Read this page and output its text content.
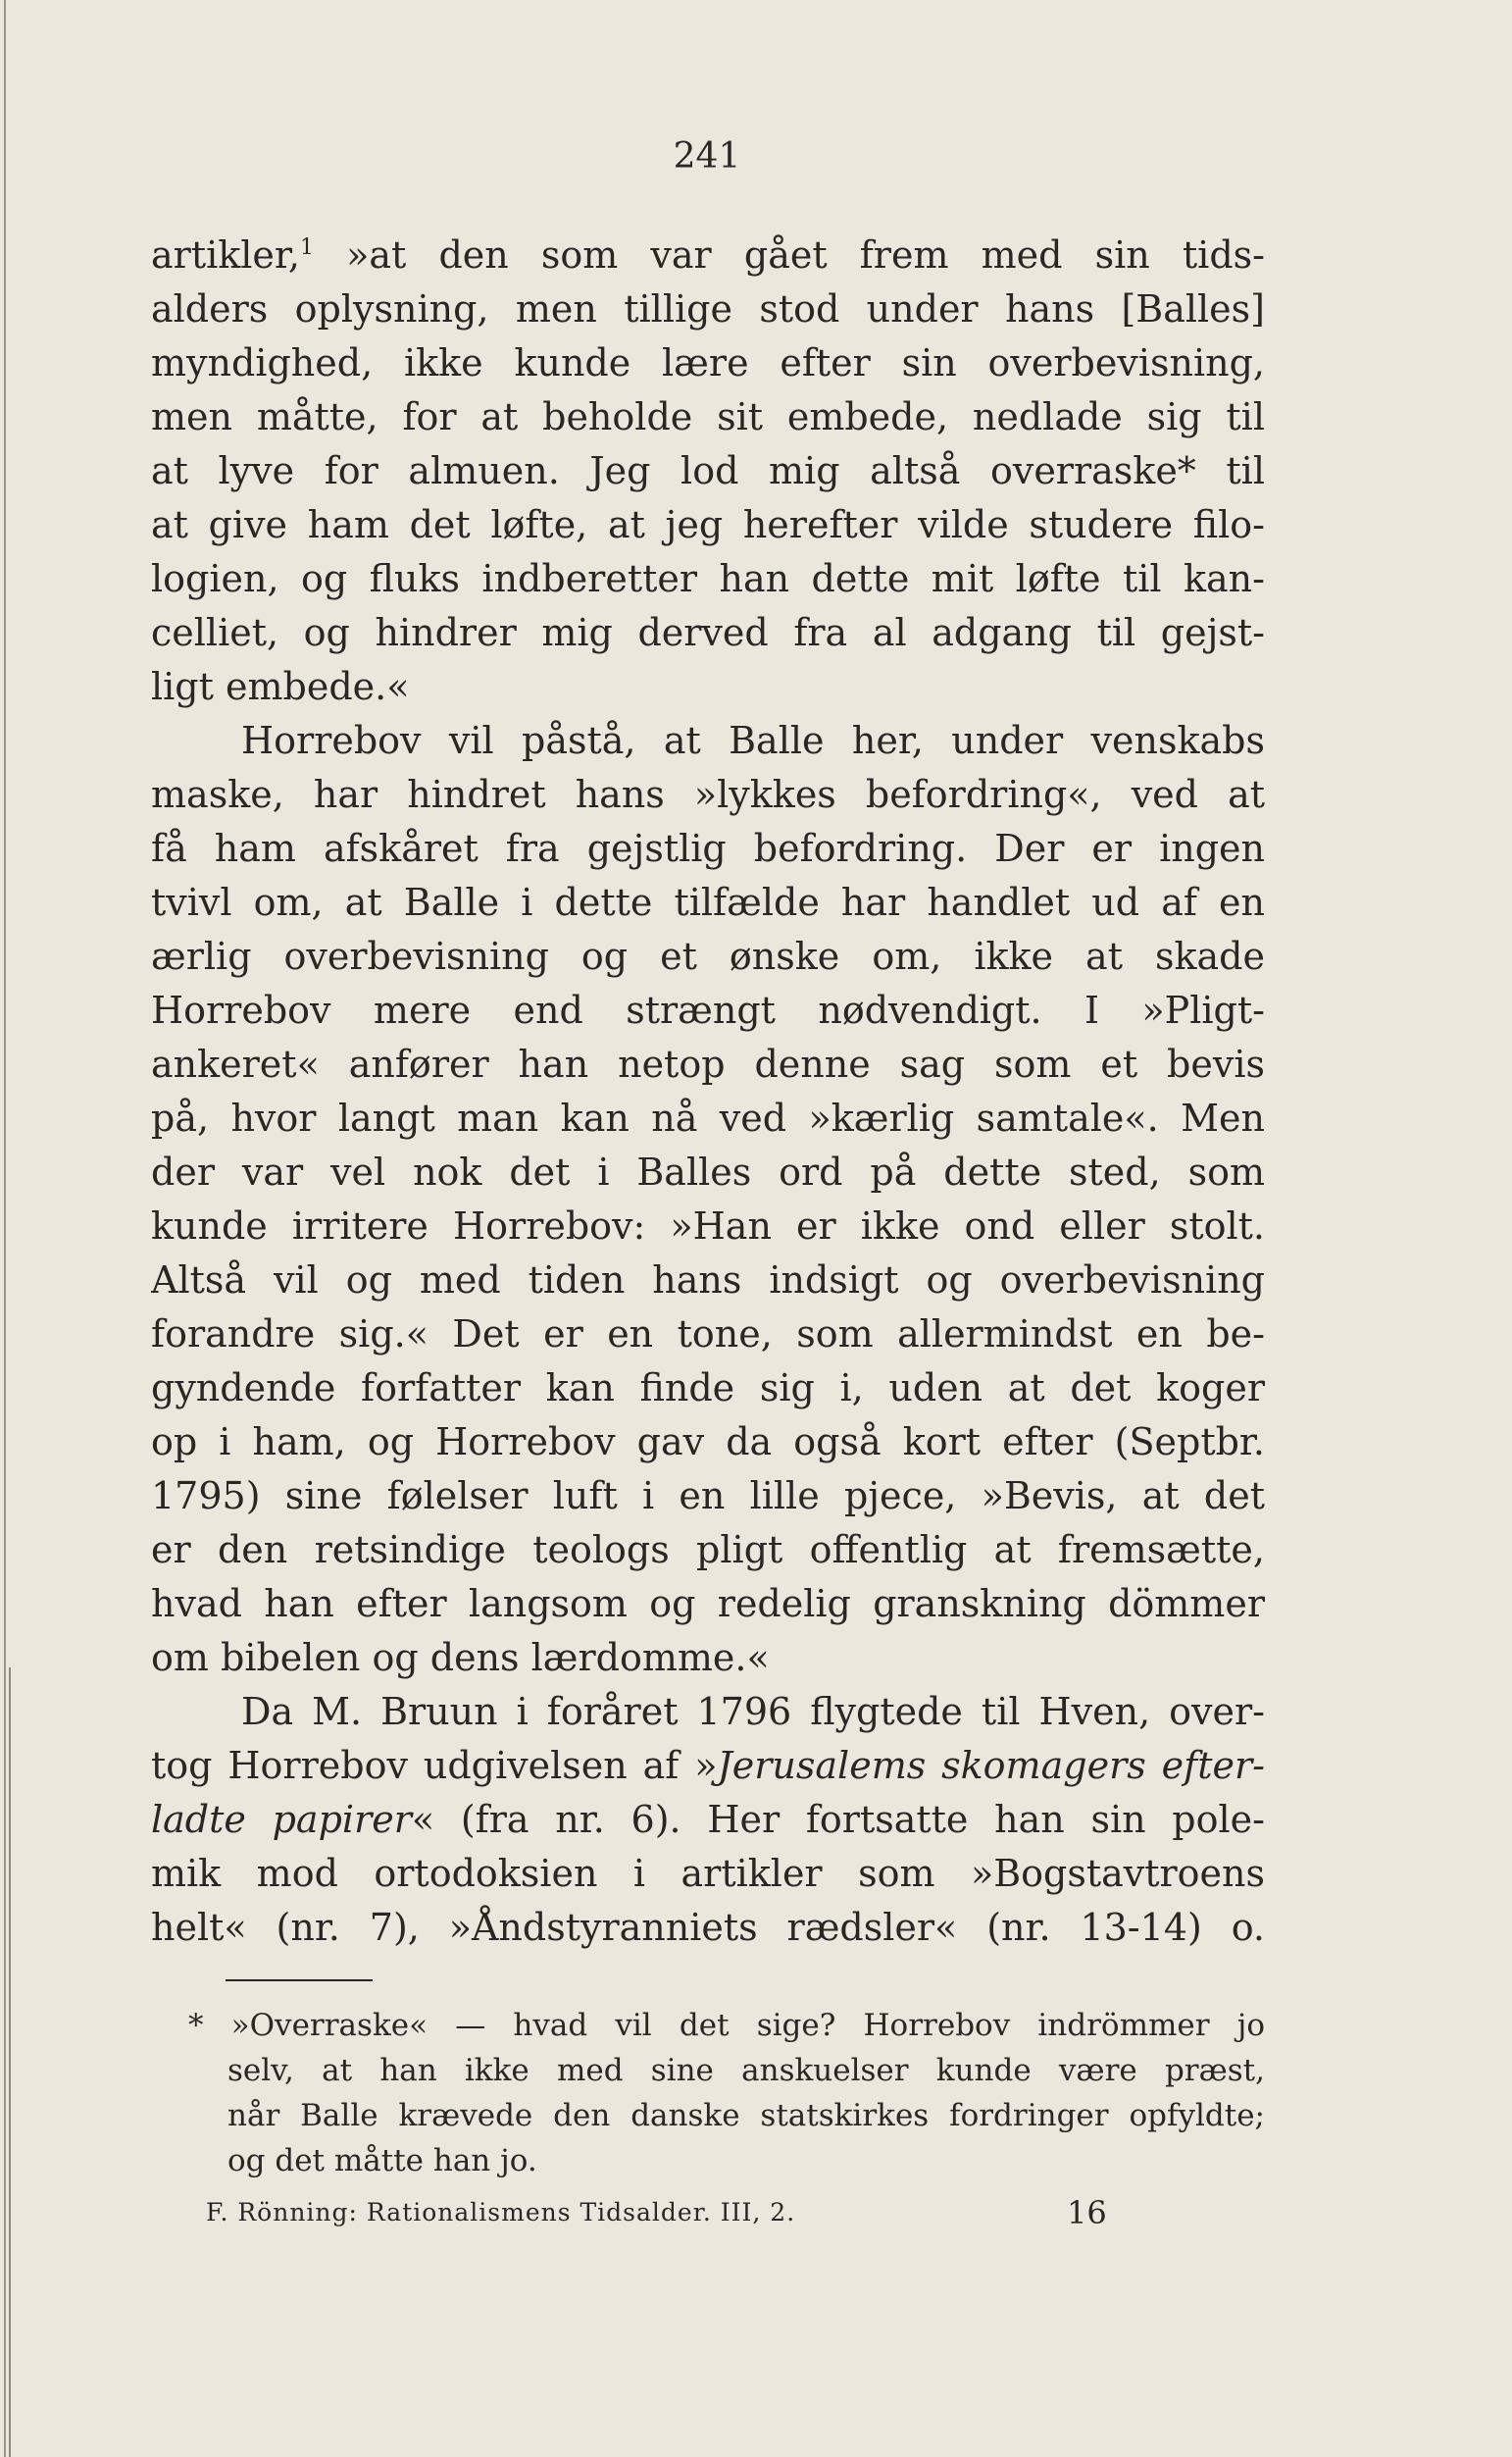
241
artikler,$^1$ »at den som var gået frem med sin tids-
alders oplysning, men tillige stod under hans [Balles]
myndighed, ikke kunde lære efter sin overbevisning,
men måtte, for at beholde sit embede, nedlade sig til
at lyve for almuen. Jeg lod mig altså overraske* til
at give ham det løfte, at jeg herefter vilde studere filo-
logien, og fluks indberetter han dette mit løfte til kan-
celliet, og hindrer mig derved fra al adgang til gejst-
ligt embede.«
Horrebov vil påstå, at Balle her, under venskabs
maske, har hindret hans »lykkes befordring«, ved at
få ham afskåret fra gejstlig befordring. Der er ingen
tvivl om, at Balle i dette tilfælde har handlet ud af en
ærlig overbevisning og et ønske om, ikke at skade
Horrebov mere end strængt nødvendigt. I »Pligt-
ankeret« anfører han netop denne sag som et bevis
på, hvor langt man kan nå ved »kærlig samtale«. Men
der var vel nok det i Balles ord på dette sted, som
kunde irritere Horrebov: »Han er ikke ond eller stolt.
Altså vil og med tiden hans indsigt og overbevisning
forandre sig.« Det er en tone, som allermindst en be-
gyndende forfatter kan finde sig i, uden at det koger
op i ham, og Horrebov gav da også kort efter (Septbr.
1795) sine følelser luft i en lille pjece, »Bevis, at det
er den retsindige teologs pligt offentlig at fremsætte,
hvad han efter langsom og redelig granskning dömmer
om bibelen og dens lærdomme.«
Da M. Bruun i foråret 1796 flygtede til Hven, over-
tog Horrebov udgivelsen af »Jerusalems skomagers efter-
ladte papirer« (fra nr. 6). Her fortsatte han sin pole-
mik mod ortodoksien i artikler som »Bogstavtroens
helt« (nr. 7), »Åndstyranniets rædsler« (nr. 13-14) o.
* »Overraske« — hvad vil det sige? Horrebov indrömmer jo
selv, at han ikke med sine anskuelser kunde være præst,
når Balle krævede den danske statskirkes fordringer opfyldte;
og det måtte han jo.
F. Rönning: Rationalismens Tidsalder. III, 2.	16
